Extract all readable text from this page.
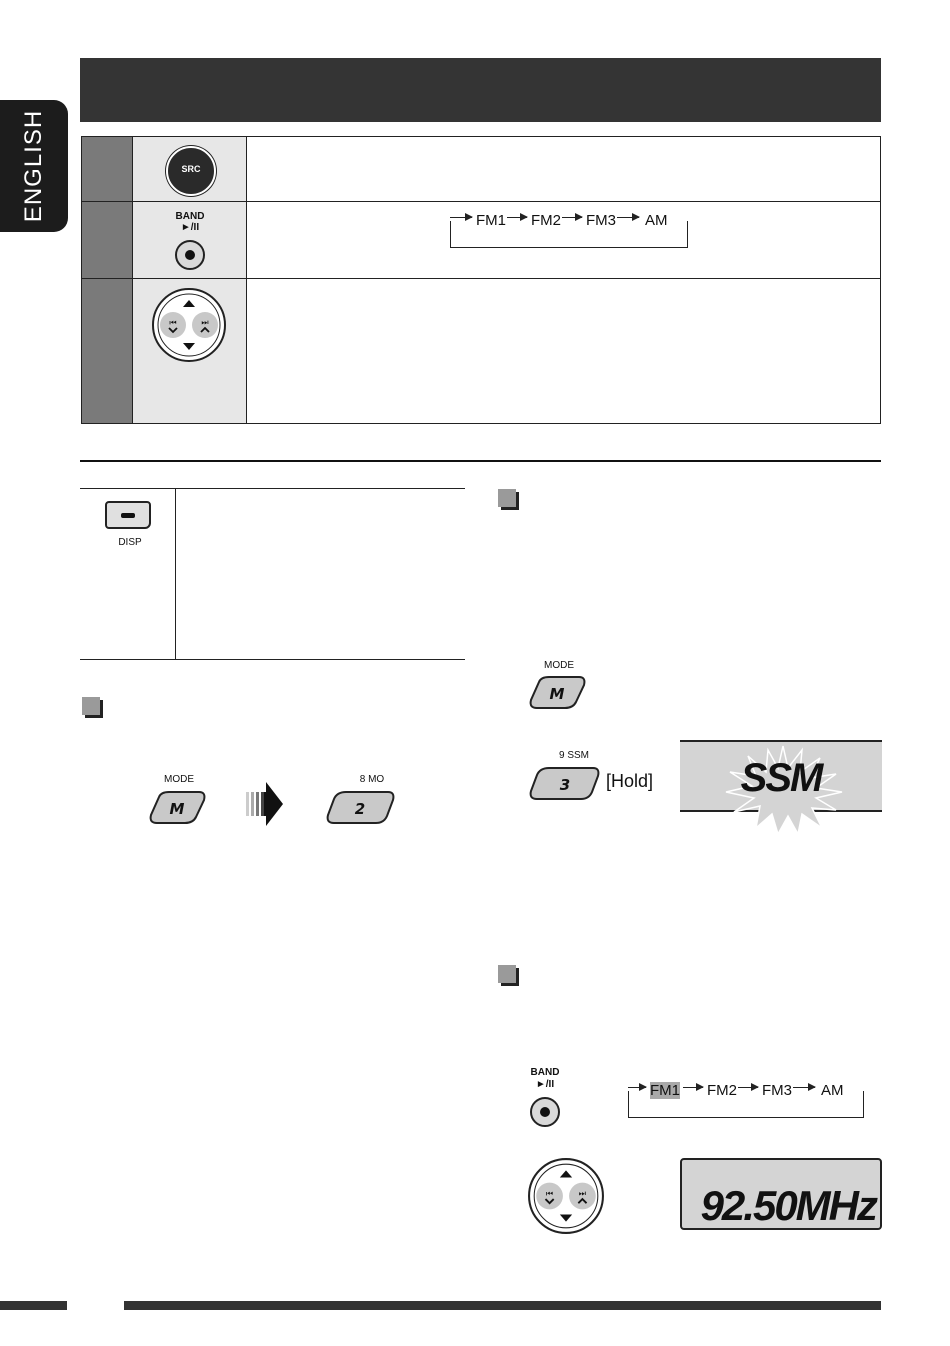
ENGLISH	SRC
BAND
►/II	FM1 FM2 FM3 AM
⏮	⏭
DISP
MODE
M
8 MO
2
MODE
M
9 SSM
3 [Hold]	SSM
BAND
►/II	FM1 FM2 FM3 AM
⏮	⏭	92.50MHz
